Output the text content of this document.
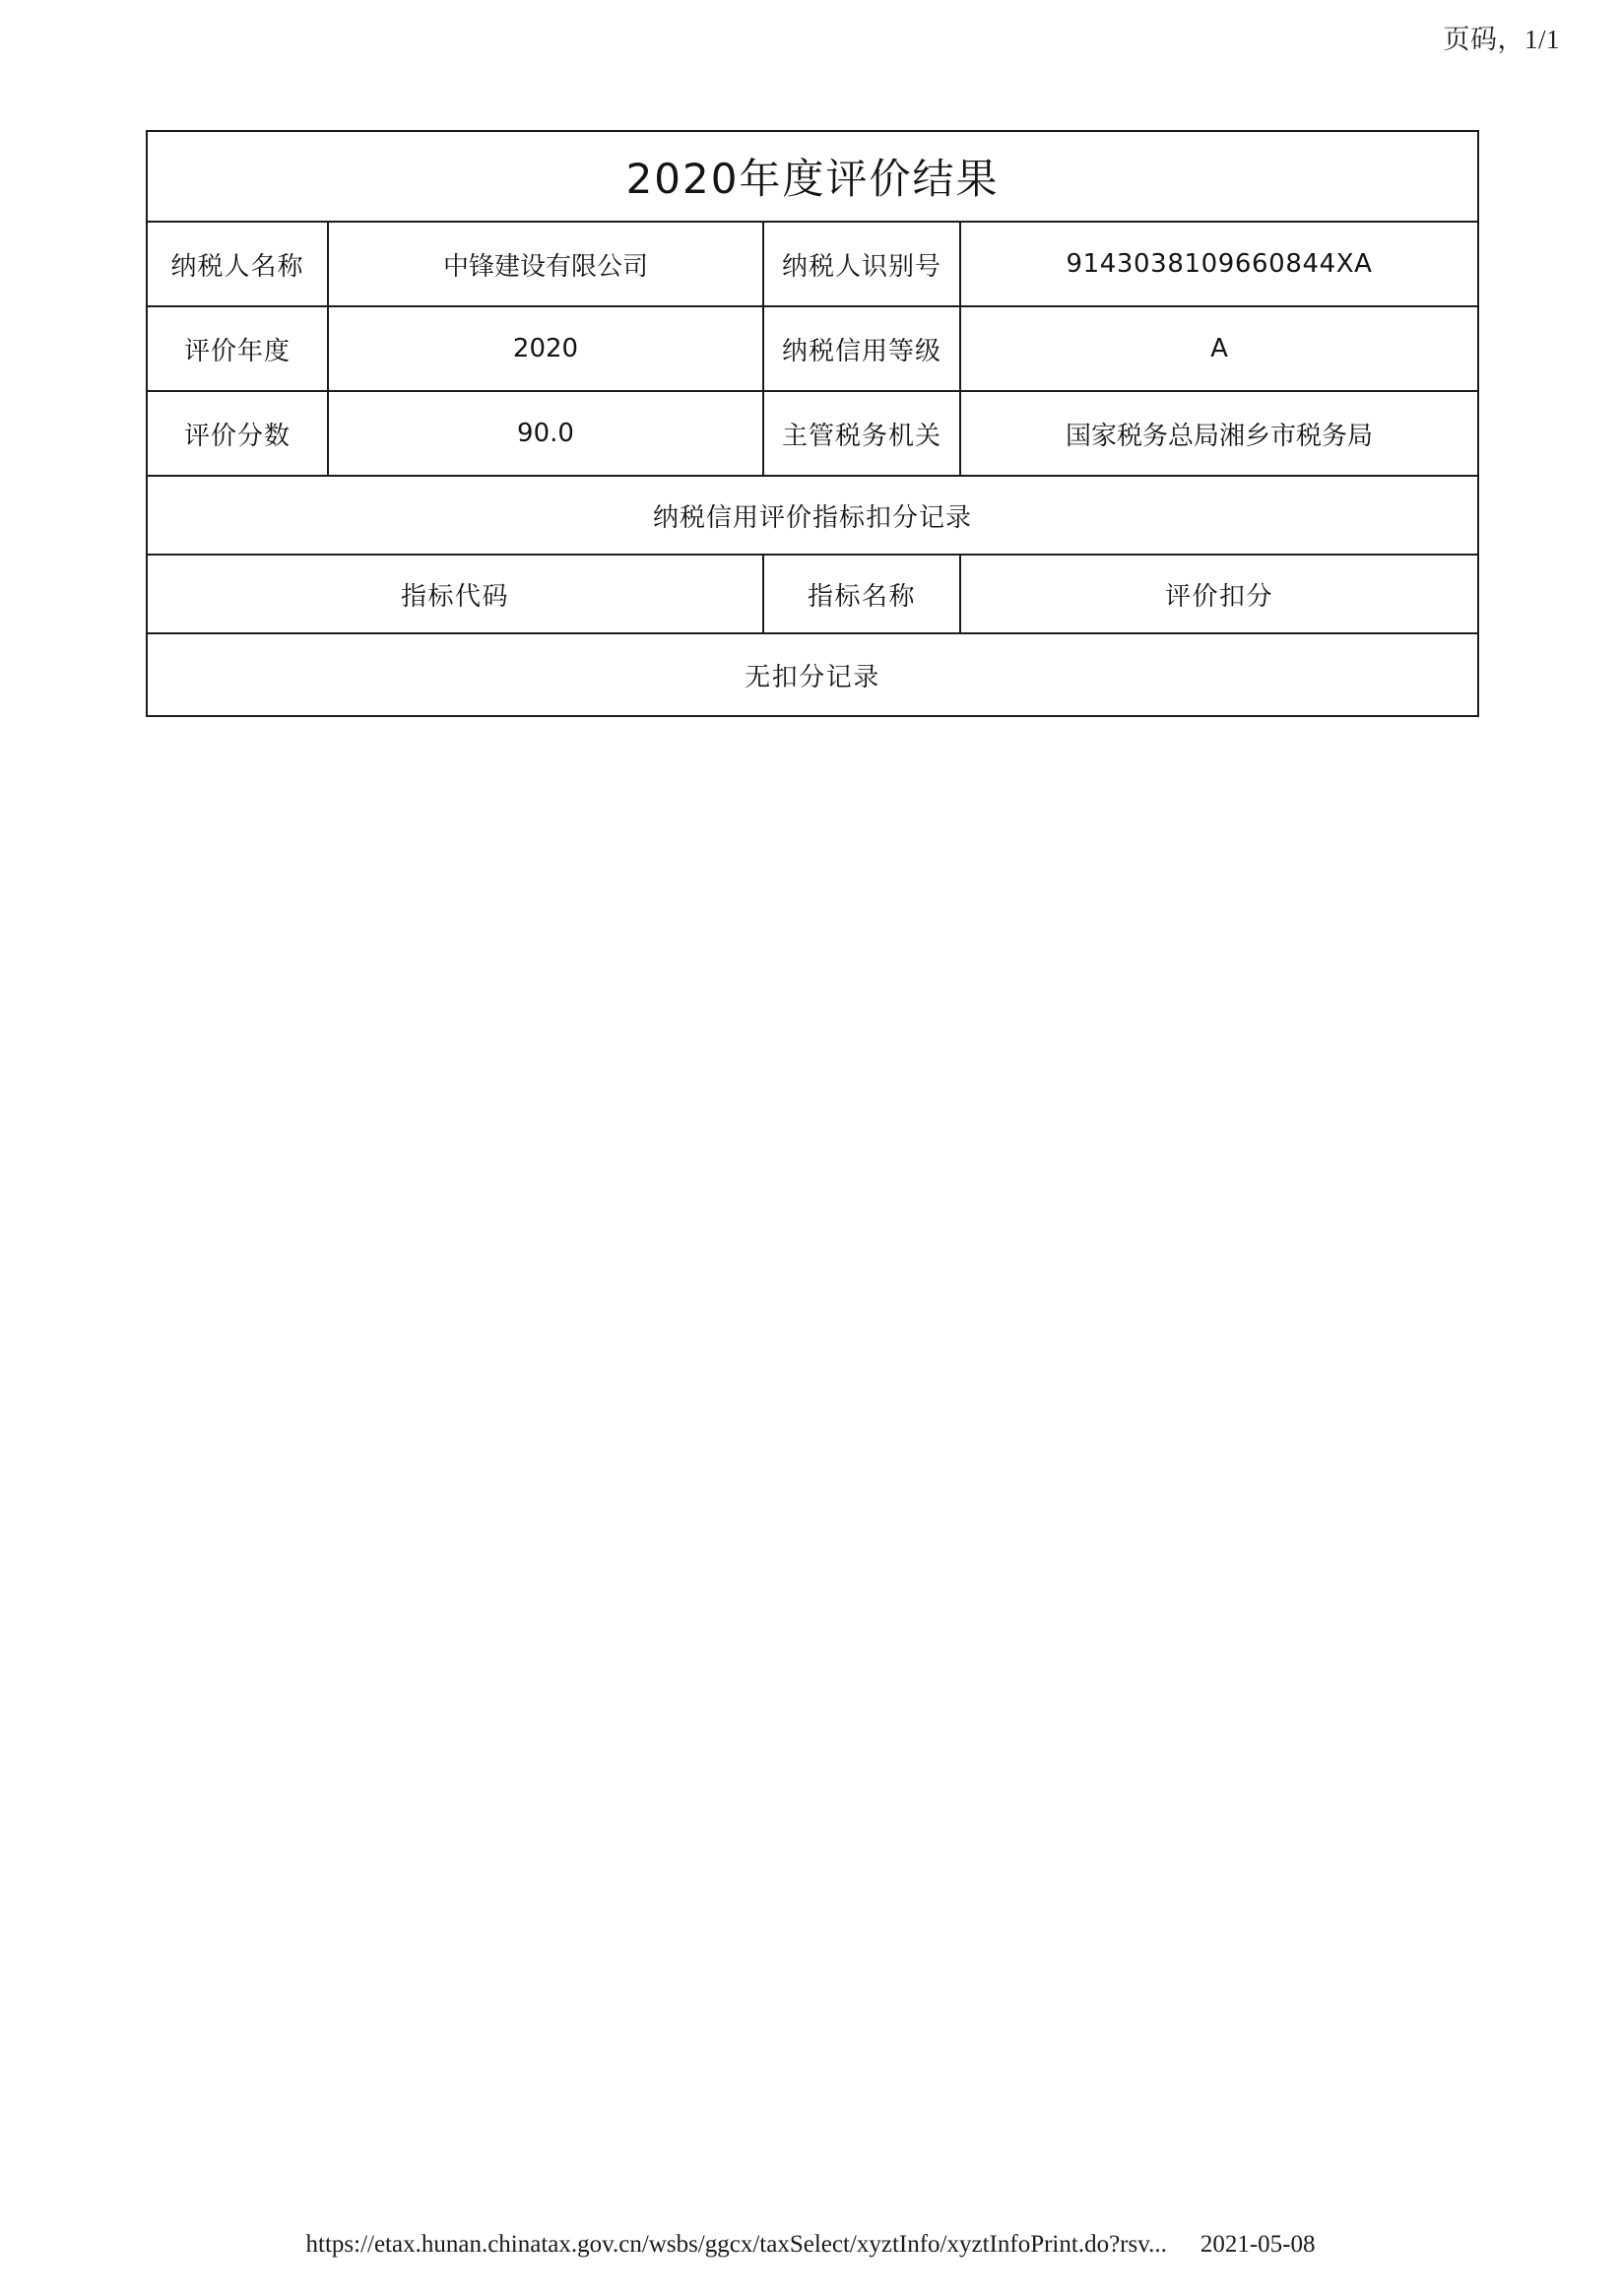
页码，1/1
2020年度评价结果			
纳税人名称	中锋建设有限公司	纳税人识别号	9143038109660844XA
评价年度	2020	纳税信用等级	A
评价分数	90.0	主管税务机关	国家税务总局湘乡市税务局
纳税信用评价指标扣分记录			
指标代码		指标名称	评价扣分
无扣分记录			
https://etax.hunan.chinatax.gov.cn/wsbs/ggcx/taxSelect/xyztInfo/xyztInfoPrint.do?rsv... 2021-05-08
